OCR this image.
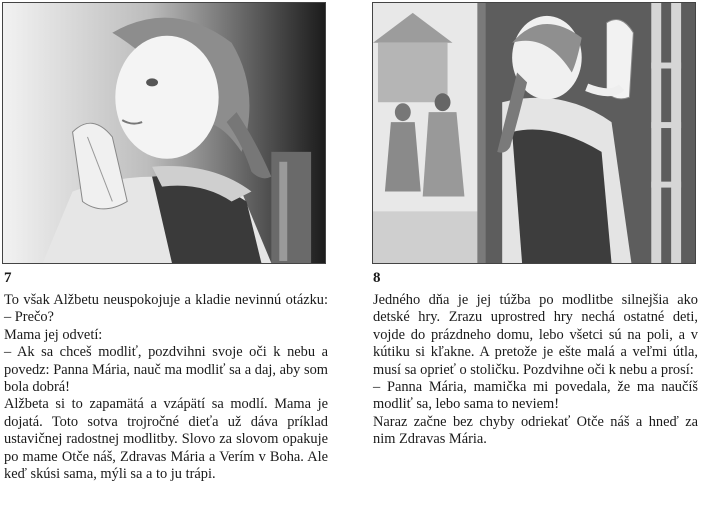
7

To však Alžbetu neuspokojuje a kladie nevinnú otázku: – Prečo?

Mama jej odvetí:

– Ak sa chceš modliť, pozdvihni svoje oči k nebu a povedz: Panna Mária, nauč ma modliť sa a daj, aby som bola dobrá!

Alžbeta si to zapamätá a vzápätí sa modlí. Mama je dojatá. Toto sotva trojročné dieťa už dáva príklad ustavičnej radostnej modlitby. Slovo za slovom opakuje po mame Otče náš, Zdravas Mária a Verím v Boha. Ale keď skúsi sama, mýli sa a to ju trápi.

8

Jedného dňa je jej túžba po modlitbe silnejšia ako detské hry. Zrazu uprostred hry nechá ostatné deti, vojde do prázdneho domu, lebo všetci sú na poli, a v kútiku si kľakne. A pretože je ešte malá a veľmi útla, musí sa oprieť o stoličku. Pozdvihne oči k nebu a prosí:

– Panna Mária, mamička mi povedala, že ma naučíš modliť sa, lebo sama to neviem!

Naraz začne bez chyby odriekať Otče náš a hneď za nim Zdravas Mária.
